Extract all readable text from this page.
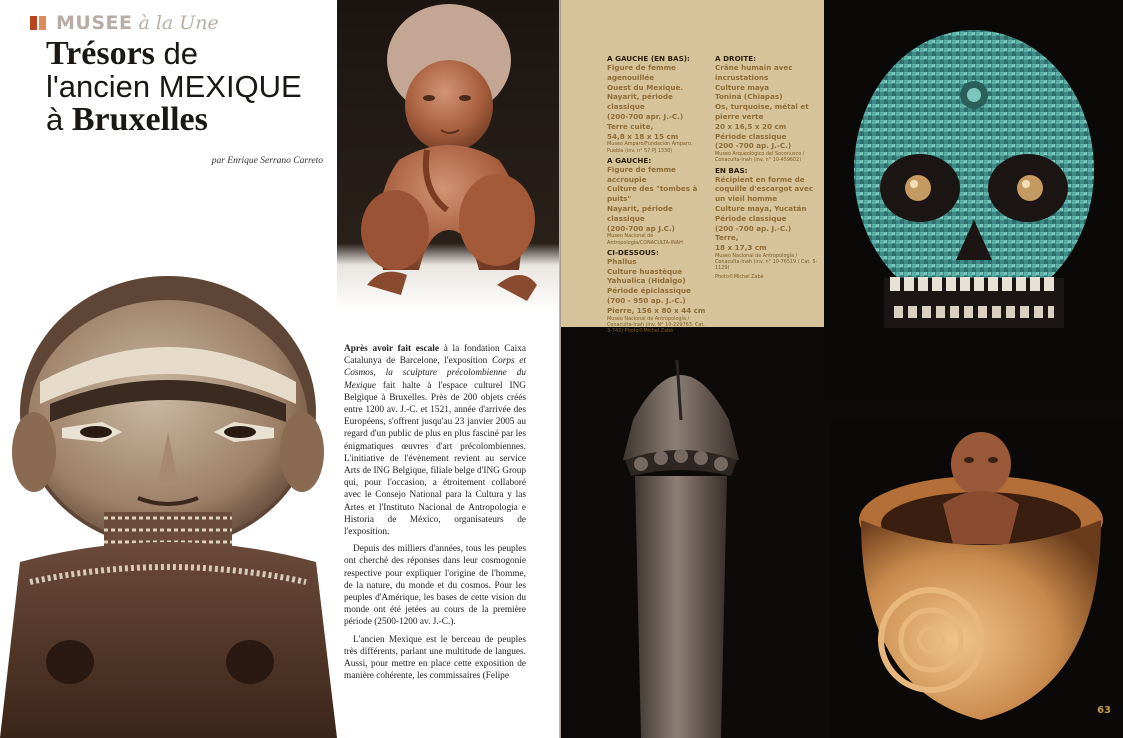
MUSEE à la Une
Trésors de
l'ancien MEXIQUE
à Bruxelles
par Enrique Serrano Carreto

Après avoir fait escale à la fondation Caixa Catalunya de Barcelone, l'exposition Corps et Cosmos, la sculpture précolombienne du Mexique fait halte à l'espace culturel ING Belgique à Bruxelles. Près de 200 objets créés entre 1200 av. J.-C. et 1521, année d'arrivée des Européens, s'offrent jusqu'au 23 janvier 2005 au regard d'un public de plus en plus fasciné par les énigmatiques œuvres d'art précolombiennes. L'initiative de l'évènement revient au service Arts de ING Belgique, filiale belge d'ING Group qui, pour l'occasion, a étroitement collaboré avec le Consejo National para la Cultura y las Artes et l'Instituto Nacional de Antropologia e Historia de México, organisateurs de l'exposition.

Depuis des milliers d'années, tous les peuples ont cherché des réponses dans leur cosmogonie respective pour expliquer l'origine de l'homme, de la nature, du monde et du cosmos. Pour les peuples d'Amérique, les bases de cette vision du monde ont été jetées au cours de la première période (2500-1200 av. J.-C.).

L'ancien Mexique est le berceau de peuples très différents, parlant une multitude de langues. Aussi, pour mettre en place cette exposition de manière cohérente, les commissaires (Felipe

63
A GAUCHE (EN BAS):
Figure de femme
agenouillée
Ouest du Mexique.
Nayarit, période classique
(200-700 apr. J.-C.)
Terre cuite,
54,8 x 18 x 15 cm
Museo Amparo/Fundación Amparo, Puebla (inv. n° 57 PJ 1338)
A GAUCHE:
Figure de femme
accroupie
Culture des "tombes à
puits"
Nayarit, période classique
(200-700 ap J.C.)
Museo Nacional de Antropología/CONACULTA-INAH
CI-DESSOUS:
Phallus
Culture huastèque
Yahualica (Hidalgo)
Période épiclassique
(700 - 950 ap. J.-C.)
Pierre, 156 x 80 x 44 cm
Museo Nacional de Antropología / Conaculta-Inah (inv. N° 10-229763. Cat. 3-742) Photo©Michel Zabé
A DROITE:
Crâne humain avec
incrustations
Culture maya
Toniná (Chiapas)
Os, turquoise, métal et
pierre verte
20 x 16,5 x 20 cm
Période classique
(200 -700 ap. J.-C.)
Museo Arqueológico del Soconusco / Conaculta-Inah (inv. n° 10-459602)
EN BAS:
Récipient en forme de
coquille d'escargot avec
un vieil homme
Culture maya, Yucatán
Période classique
(200 -700 ap. J.-C.)
Terre,
18 x 17,3 cm
Museo Nacional de Antropología / Conaculta-Inah (inv. n° 10-76519 / Cat. 5-1129)
Photo©Michel Zabé
